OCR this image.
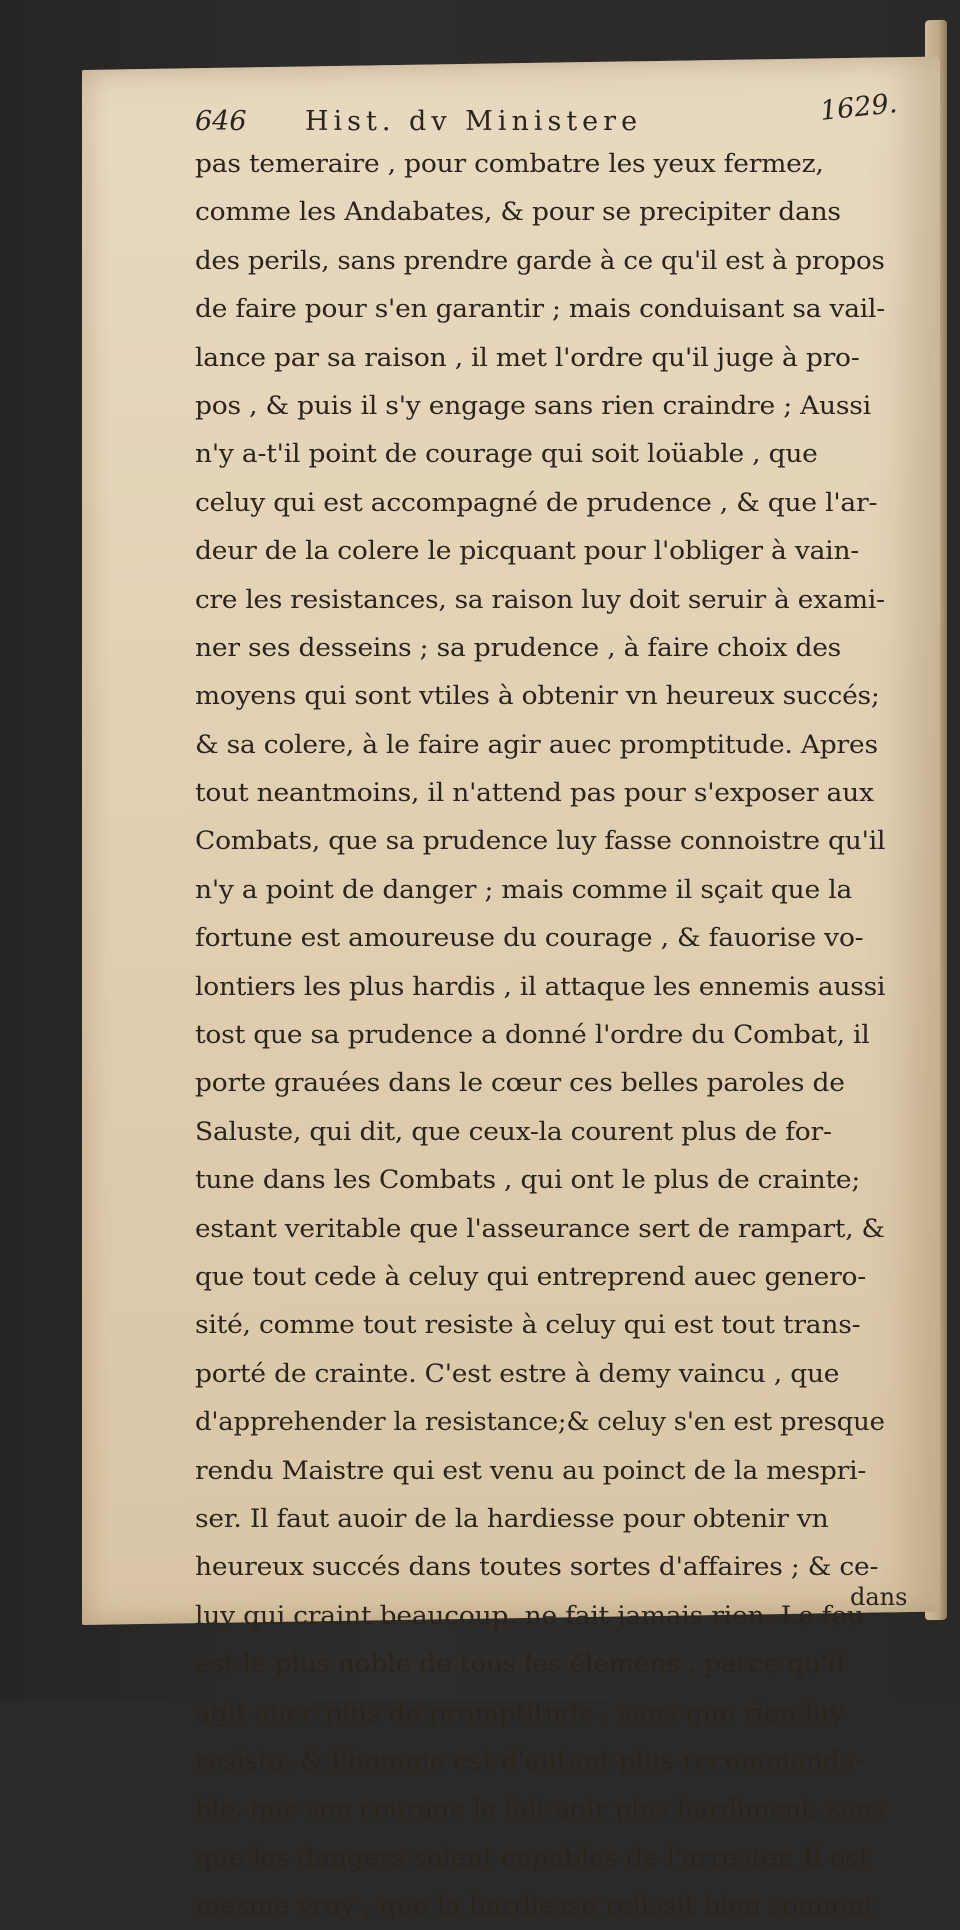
646 Hist. dv Ministere	1629.
pas temeraire , pour combatre les yeux fermez,
comme les Andabates, & pour se precipiter dans
des perils, sans prendre garde à ce qu'il est à propos
de faire pour s'en garantir ; mais conduisant sa vail-
lance par sa raison , il met l'ordre qu'il juge à pro-
pos , & puis il s'y engage sans rien craindre ; Aussi
n'y a-t'il point de courage qui soit loüable , que
celuy qui est accompagné de prudence , & que l'ar-
deur de la colere le picquant pour l'obliger à vain-
cre les resistances, sa raison luy doit seruir à exami-
ner ses desseins ; sa prudence , à faire choix des
moyens qui sont vtiles à obtenir vn heureux succés;
& sa colere, à le faire agir auec promptitude. Apres
tout neantmoins, il n'attend pas pour s'exposer aux
Combats, que sa prudence luy fasse connoistre qu'il
n'y a point de danger ; mais comme il sçait que la
fortune est amoureuse du courage , & fauorise vo-
lontiers les plus hardis , il attaque les ennemis aussi
tost que sa prudence a donné l'ordre du Combat, il
porte grauées dans le cœur ces belles paroles de
Saluste, qui dit, que ceux-la courent plus de for-
tune dans les Combats , qui ont le plus de crainte;
estant veritable que l'asseurance sert de rampart, &
que tout cede à celuy qui entreprend auec genero-
sité, comme tout resiste à celuy qui est tout trans-
porté de crainte. C'est estre à demy vaincu , que
d'apprehender la resistance;& celuy s'en est presque
rendu Maistre qui est venu au poinct de la mespri-
ser. Il faut auoir de la hardiesse pour obtenir vn
heureux succés dans toutes sortes d'affaires ; & ce-
luy qui craint beaucoup, ne fait jamais rien. Le feu
est le plus noble de tous les élemens , parce qu'il
agit auec plus de promptitude , sans que rien luy
resiste, & l'homme est d'autant plus recommanda-
ble, que son courage le fait agir plus hardiment, sans
que les dangers soient capables de l'arrester. Il est
mesme vray , que la hardiesse reüssit bien souuent
dans
